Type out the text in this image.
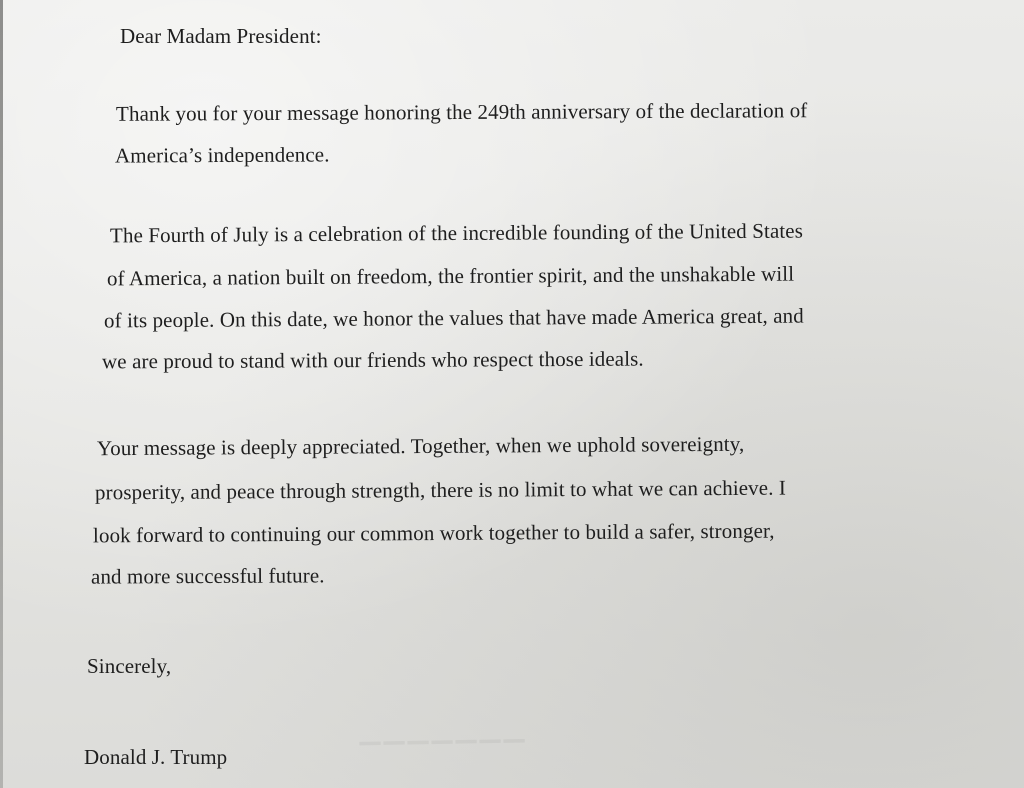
⎯⎯⎯⎯⎯⎯⎯

Dear Madam President:

Thank you for your message honoring the 249th anniversary of the declaration of

America’s independence.

The Fourth of July is a celebration of the incredible founding of the United States

of America, a nation built on freedom, the frontier spirit, and the unshakable will

of its people. On this date, we honor the values that have made America great, and

we are proud to stand with our friends who respect those ideals.

Your message is deeply appreciated. Together, when we uphold sovereignty,

prosperity, and peace through strength, there is no limit to what we can achieve. I

look forward to continuing our common work together to build a safer, stronger,

and more successful future.

Sincerely,

Donald J. Trump
